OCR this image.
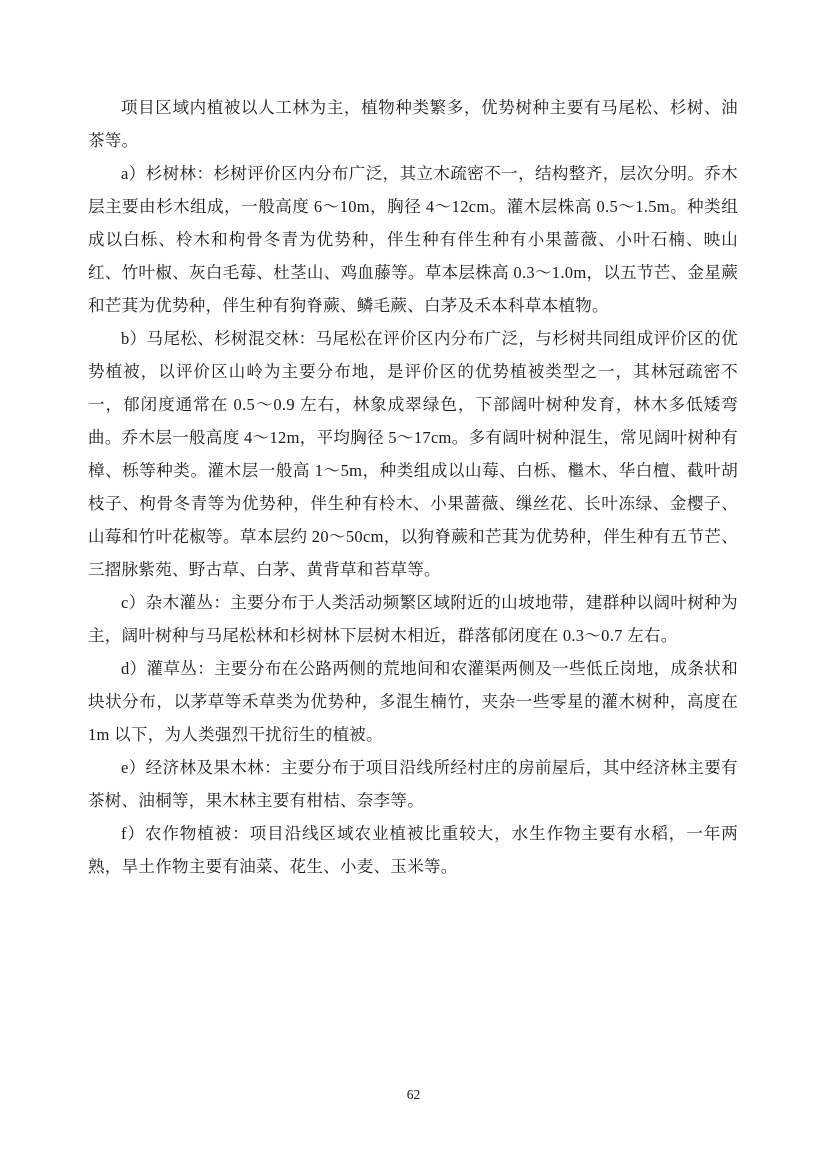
项目区域内植被以人工林为主，植物种类繁多，优势树种主要有马尾松、杉树、油茶等。

a）杉树林：杉树评价区内分布广泛，其立木疏密不一，结构整齐，层次分明。乔木层主要由杉木组成，一般高度 6～10m，胸径 4～12cm。灌木层株高 0.5～1.5m。种类组成以白栎、柃木和枸骨冬青为优势种，伴生种有伴生种有小果蔷薇、小叶石楠、映山红、竹叶椒、灰白毛莓、杜茎山、鸡血藤等。草本层株高 0.3～1.0m，以五节芒、金星蕨和芒萁为优势种，伴生种有狗脊蕨、鳞毛蕨、白茅及禾本科草本植物。

b）马尾松、杉树混交林：马尾松在评价区内分布广泛，与杉树共同组成评价区的优势植被，以评价区山岭为主要分布地，是评价区的优势植被类型之一，其林冠疏密不一，郁闭度通常在 0.5～0.9 左右，林象成翠绿色，下部阔叶树种发育，林木多低矮弯曲。乔木层一般高度 4～12m，平均胸径 5～17cm。多有阔叶树种混生，常见阔叶树种有樟、栎等种类。灌木层一般高 1～5m，种类组成以山莓、白栎、檵木、华白檀、截叶胡枝子、枸骨冬青等为优势种，伴生种有柃木、小果蔷薇、缫丝花、长叶冻绿、金樱子、山莓和竹叶花椒等。草本层约 20～50cm，以狗脊蕨和芒萁为优势种，伴生种有五节芒、三摺脉紫苑、野古草、白茅、黄背草和苔草等。

c）杂木灌丛：主要分布于人类活动频繁区域附近的山坡地带，建群种以阔叶树种为主，阔叶树种与马尾松林和杉树林下层树木相近，群落郁闭度在 0.3～0.7 左右。

d）灌草丛：主要分布在公路两侧的荒地间和农灌渠两侧及一些低丘岗地，成条状和块状分布，以茅草等禾草类为优势种，多混生楠竹，夹杂一些零星的灌木树种，高度在 1m 以下，为人类强烈干扰衍生的植被。

e）经济林及果木林：主要分布于项目沿线所经村庄的房前屋后，其中经济林主要有茶树、油桐等，果木林主要有柑桔、奈李等。

f）农作物植被：项目沿线区域农业植被比重较大，水生作物主要有水稻，一年两熟，旱土作物主要有油菜、花生、小麦、玉米等。

62
